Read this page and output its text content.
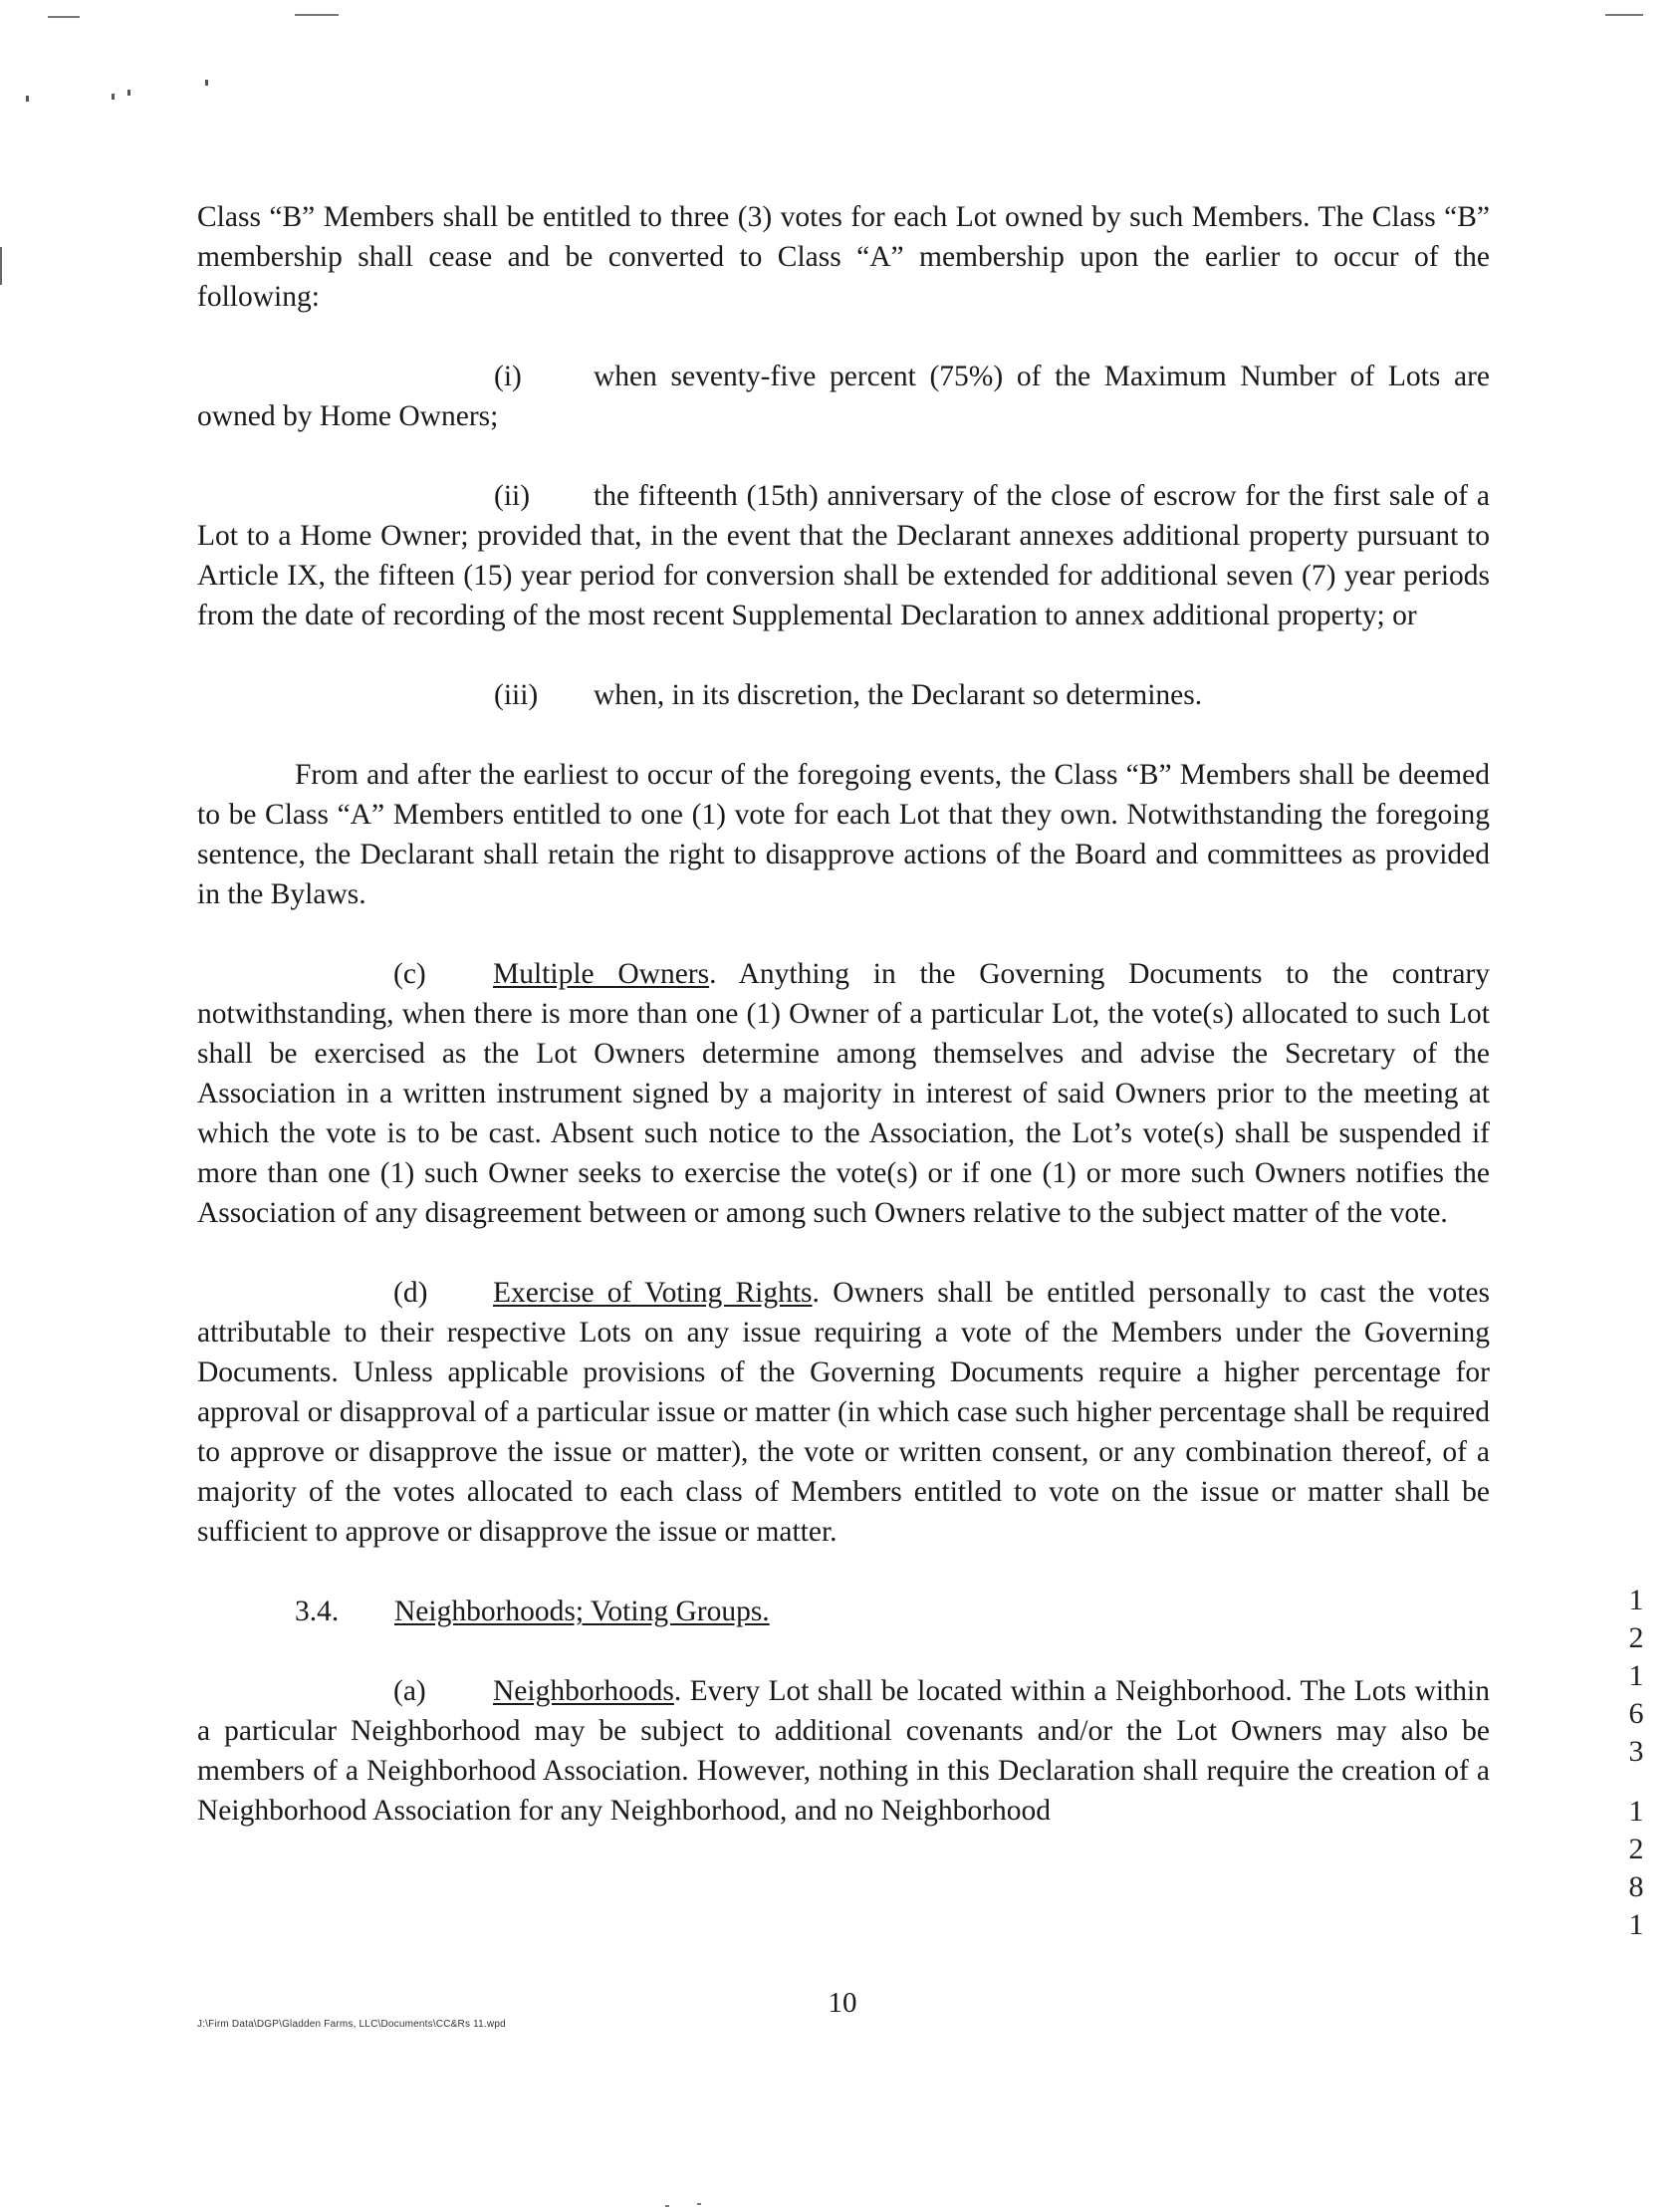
Class “B” Members shall be entitled to three (3) votes for each Lot owned by such Members. The Class “B” membership shall cease and be converted to Class “A” membership upon the earlier to occur of the following:

(i) when seventy-five percent (75%) of the Maximum Number of Lots are owned by Home Owners;

(ii) the fifteenth (15th) anniversary of the close of escrow for the first sale of a Lot to a Home Owner; provided that, in the event that the Declarant annexes additional property pursuant to Article IX, the fifteen (15) year period for conversion shall be extended for additional seven (7) year periods from the date of recording of the most recent Supplemental Declaration to annex additional property; or

(iii) when, in its discretion, the Declarant so determines.

From and after the earliest to occur of the foregoing events, the Class “B” Members shall be deemed to be Class “A” Members entitled to one (1) vote for each Lot that they own. Notwithstanding the foregoing sentence, the Declarant shall retain the right to disapprove actions of the Board and committees as provided in the Bylaws.

(c) Multiple Owners. Anything in the Governing Documents to the contrary notwithstanding, when there is more than one (1) Owner of a particular Lot, the vote(s) allocated to such Lot shall be exercised as the Lot Owners determine among themselves and advise the Secretary of the Association in a written instrument signed by a majority in interest of said Owners prior to the meeting at which the vote is to be cast. Absent such notice to the Association, the Lot’s vote(s) shall be suspended if more than one (1) such Owner seeks to exercise the vote(s) or if one (1) or more such Owners notifies the Association of any disagreement between or among such Owners relative to the subject matter of the vote.

(d) Exercise of Voting Rights. Owners shall be entitled personally to cast the votes attributable to their respective Lots on any issue requiring a vote of the Members under the Governing Documents. Unless applicable provisions of the Governing Documents require a higher percentage for approval or disapproval of a particular issue or matter (in which case such higher percentage shall be required to approve or disapprove the issue or matter), the vote or written consent, or any combination thereof, of a majority of the votes allocated to each class of Members entitled to vote on the issue or matter shall be sufficient to approve or disapprove the issue or matter.

3.4. Neighborhoods; Voting Groups.

(a) Neighborhoods. Every Lot shall be located within a Neighborhood. The Lots within a particular Neighborhood may be subject to additional covenants and/or the Lot Owners may also be members of a Neighborhood Association. However, nothing in this Declaration shall require the creation of a Neighborhood Association for any Neighborhood, and no Neighborhood

J:\Firm Data\DGP\Gladden Farms, LLC\Documents\CC&Rs 11.wpd
10
1
2
1
6
3
1
2
8
1
